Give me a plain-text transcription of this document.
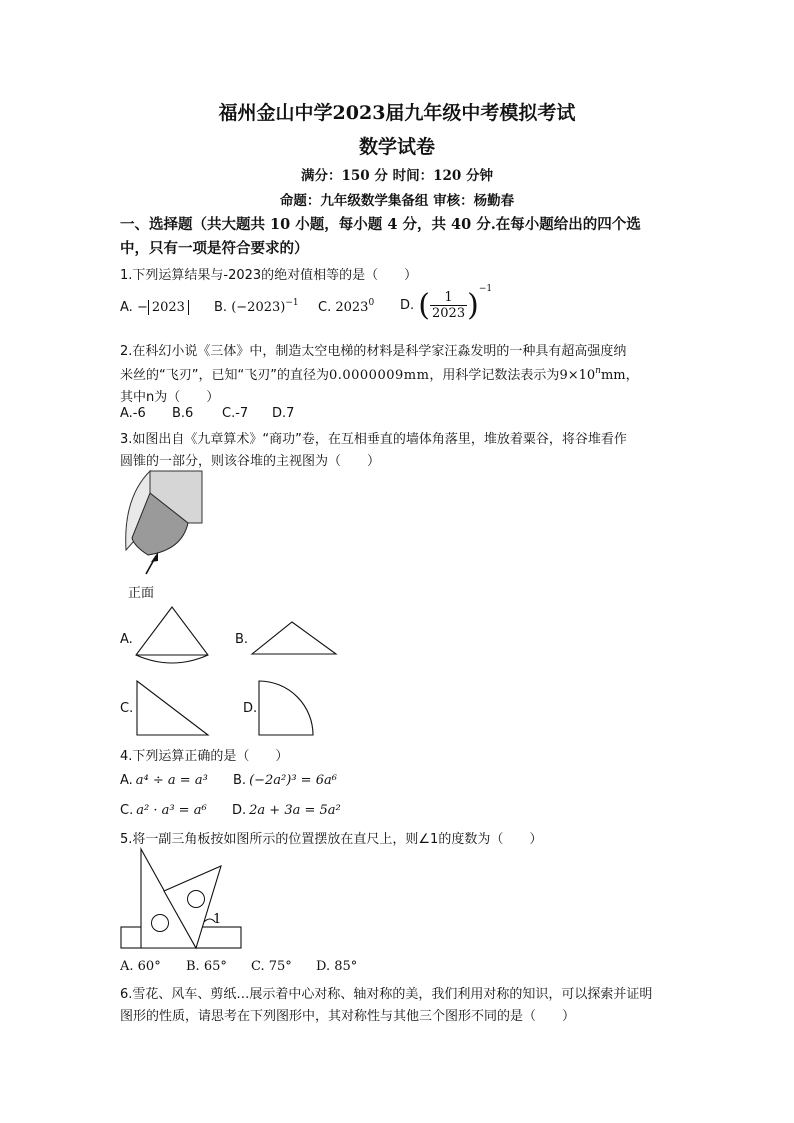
福州金山中学2023届九年级中考模拟考试
数学试卷
满分：150 分 时间：120 分钟
命题：九年级数学集备组 审核：杨勤春
一、选择题（共大题共 10 小题，每小题 4 分，共 40 分.在每小题给出的四个选
中，只有一项是符合要求的）
1.下列运算结果与-2023的绝对值相等的是（　　）
A. − 2023	B. $(-2023)^{-1}$ C. 2023$^0$ D. ( $\frac{1}{2023} )^{-1}$
2.在科幻小说《三体》中，制造太空电梯的材料是科学家汪淼发明的一种具有超高强度纳
米丝的“飞刃”，已知“飞刃”的直径为0.0000009mm，用科学记数法表示为$9\times 10^nmm$，
其中n为（　　）
A.-6 B.6 C.-7 D.7
3.如图出自《九章算术》“商功”卷，在互相垂直的墙体角落里，堆放着粟谷，将谷堆看作
圆锥的一部分，则该谷堆的主视图为（　　）
正面
A.	B.
C.	D.
4.下列运算正确的是（　　）
A. a⁴ ÷ a = a³ B. (−2a²)³ = 6a⁶
C. a² · a³ = a⁶ D. 2a + 3a = 5a²
5.将一副三角板按如图所示的位置摆放在直尺上，则∠1的度数为（　　）
1
A. 60° B. 65° C. 75° D. 85°
6.雪花、风车、剪纸…展示着中心对称、轴对称的美，我们利用对称的知识，可以探索并证明
图形的性质，请思考在下列图形中，其对称性与其他三个图形不同的是（　　）
